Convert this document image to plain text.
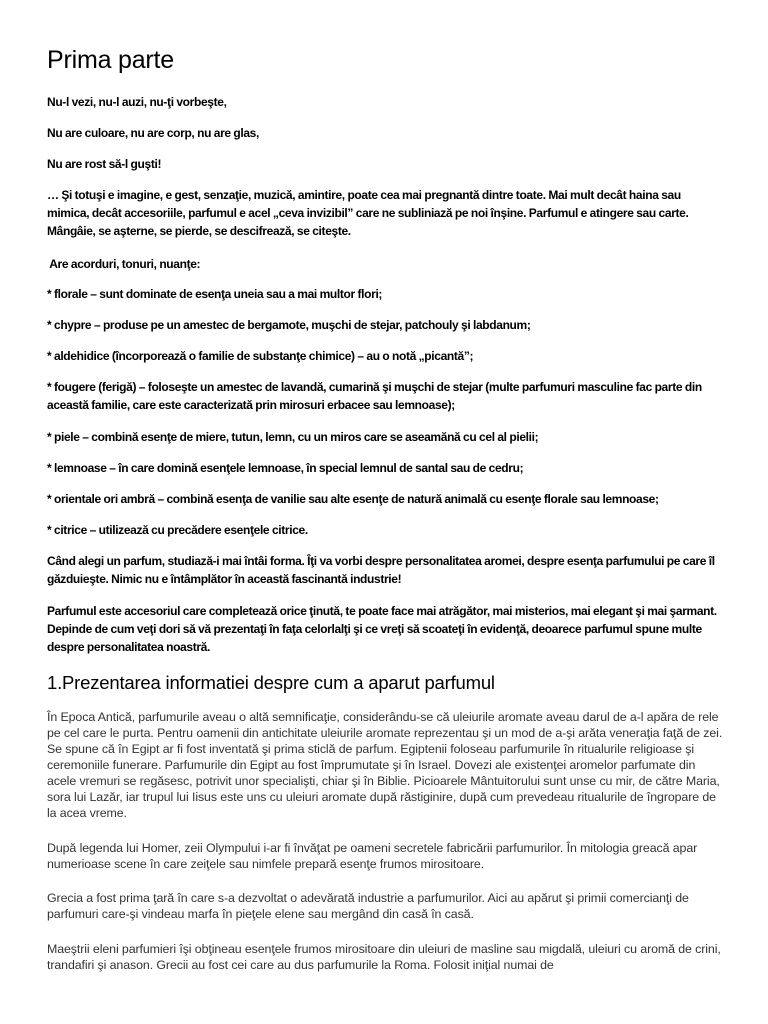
Prima parte

Nu-l vezi, nu-l auzi, nu-ţi vorbeşte,

Nu are culoare, nu are corp, nu are glas,

Nu are rost să-l guşti!

… Şi totuşi e imagine, e gest, senzaţie, muzică, amintire, poate cea mai pregnantă dintre toate. Mai mult decât haina sau mimica, decât accesoriile, parfumul e acel „ceva invizibil” care ne subliniază pe noi înşine. Parfumul e atingere sau carte. Mângâie, se aşterne, se pierde, se descifrează, se citeşte.

Are acorduri, tonuri, nuanţe:

* florale – sunt dominate de esenţa uneia sau a mai multor flori;

* chypre – produse pe un amestec de bergamote, muşchi de stejar, patchouly şi labdanum;

* aldehidice (încorporează o familie de substanţe chimice) – au o notă „picantă”;

* fougere (ferigă) – foloseşte un amestec de lavandă, cumarină şi muşchi de stejar (multe parfumuri masculine fac parte din această familie, care este caracterizată prin mirosuri erbacee sau lemnoase);

* piele – combină esenţe de miere, tutun, lemn, cu un miros care se aseamănă cu cel al pielii;

* lemnoase – în care domină esenţele lemnoase, în special lemnul de santal sau de cedru;

* orientale ori ambră – combină esenţa de vanilie sau alte esenţe de natură animală cu esenţe florale sau lemnoase;

* citrice – utilizează cu precădere esenţele citrice.

Când alegi un parfum, studiază-i mai întâi forma. Îţi va vorbi despre personalitatea aromei, despre esenţa parfumului pe care îl găzduieşte. Nimic nu e întâmplător în această fascinantă industrie!

Parfumul este accesoriul care completează orice ţinută, te poate face mai atrăgător, mai misterios, mai elegant şi mai şarmant. Depinde de cum veţi dori să vă prezentaţi în faţa celorlalţi şi ce vreţi să scoateţi în evidenţă, deoarece parfumul spune multe despre personalitatea noastră.

1.Prezentarea informatiei despre cum a aparut parfumul

În Epoca Antică, parfumurile aveau o altă semnificaţie, considerându-se că uleiurile aromate aveau darul de a-l apăra de rele pe cel care le purta. Pentru oamenii din antichitate uleiurile aromate reprezentau şi un mod de a-şi arăta veneraţia faţă de zei. Se spune că în Egipt ar fi fost inventată şi prima sticlă de parfum. Egiptenii foloseau parfumurile în ritualurile religioase şi ceremoniile funerare. Parfumurile din Egipt au fost împrumutate şi în Israel. Dovezi ale existenţei aromelor parfumate din acele vremuri se regăsesc, potrivit unor specialişti, chiar şi în Biblie. Picioarele Mântuitorului sunt unse cu mir, de către Maria, sora lui Lazăr, iar trupul lui Iisus este uns cu uleiuri aromate după răstiginire, după cum prevedeau ritualurile de îngropare de la acea vreme.

După legenda lui Homer, zeii Olympului i-ar fi învăţat pe oameni secretele fabricării parfumurilor. În mitologia greacă apar numerioase scene în care zeiţele sau nimfele prepară esenţe frumos mirositoare.

Grecia a fost prima ţară în care s-a dezvoltat o adevărată industrie a parfumurilor. Aici au apărut şi primii comercianţi de parfumuri care-şi vindeau marfa în pieţele elene sau mergând din casă în casă.

Maeştrii eleni parfumieri îşi obţineau esenţele frumos mirositoare din uleiuri de masline sau migdală, uleiuri cu aromă de crini, trandafiri şi anason. Grecii au fost cei care au dus parfumurile la Roma. Folosit iniţial numai de
